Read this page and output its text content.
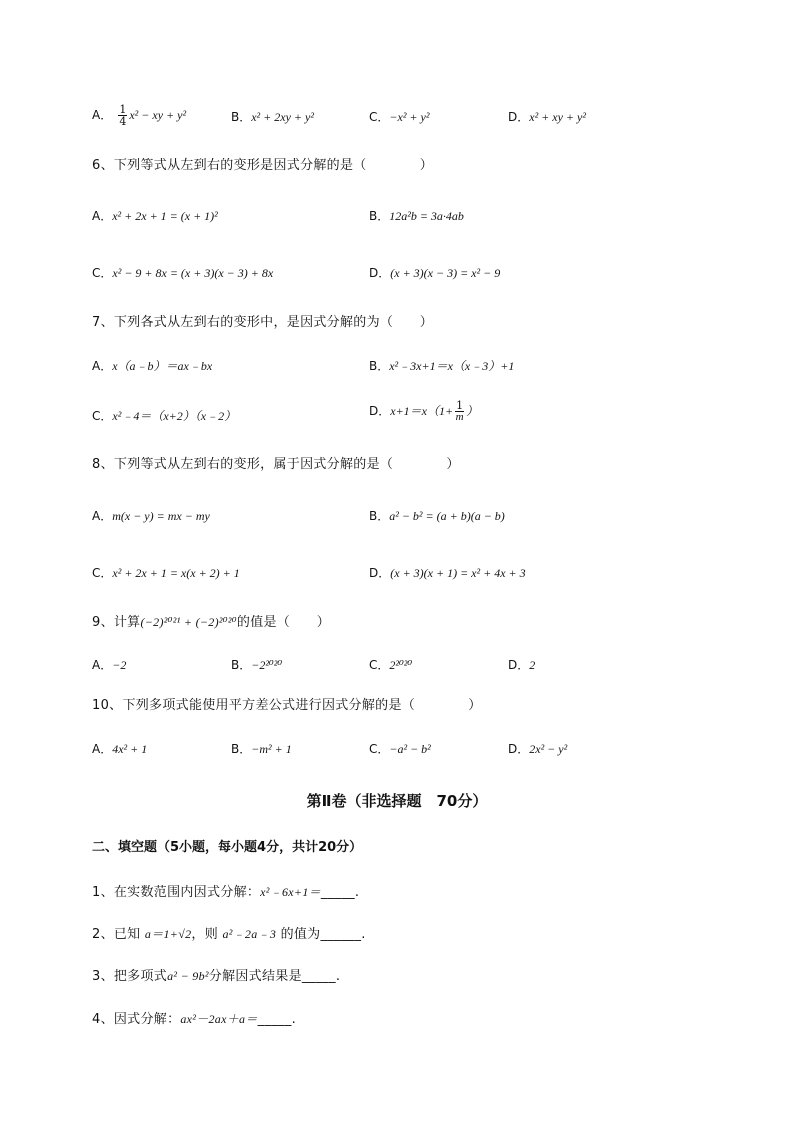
A． $\frac{1}{4} x^2$ − xy + y²	B．x² + 2xy + y²	C．−x² + y²	D．x² + xy + y²
6、下列等式从左到右的变形是因式分解的是（　　　　）
A．x² + 2x + 1 = (x + 1)²	B．12a²b = 3a·4ab
C．x² − 9 + 8x = (x + 3)(x − 3) + 8x	D．(x + 3)(x − 3) = x² − 9
7、下列各式从左到右的变形中，是因式分解的为（　　）
A．x（a﹣b）＝ax﹣bx	B．x²﹣3x+1＝x（x﹣3）+1
C．x²﹣4＝（x+2）（x﹣2）	D．$x+1=x(1+ \frac{1}{m}$ ）
8、下列等式从左到右的变形，属于因式分解的是（　　　　）
A．m(x − y) = mx − my	B．a² − b² = (a + b)(a − b)
C．x² + 2x + 1 = x(x + 2) + 1	D．(x + 3)(x + 1) = x² + 4x + 3
9、计算(−2)²⁰²¹ + (−2)²⁰²⁰的值是（　　）
A．−2	B．−2²⁰²⁰	C．2²⁰²⁰	D．2
10、下列多项式能使用平方差公式进行因式分解的是（　　　　）
A．4x² + 1	B．−m² + 1	C．−a² − b²	D．2x² − y²
第Ⅱ卷（非选择题　70分）
二、填空题（5小题，每小题4分，共计20分）
1、在实数范围内因式分解：x²﹣6x+1＝_____.
2、已知 a＝1+√2，则 a²﹣2a﹣3 的值为______.
3、把多项式a² − 9b²分解因式结果是_____.
4、因式分解：ax²－2ax＋a＝_____.
